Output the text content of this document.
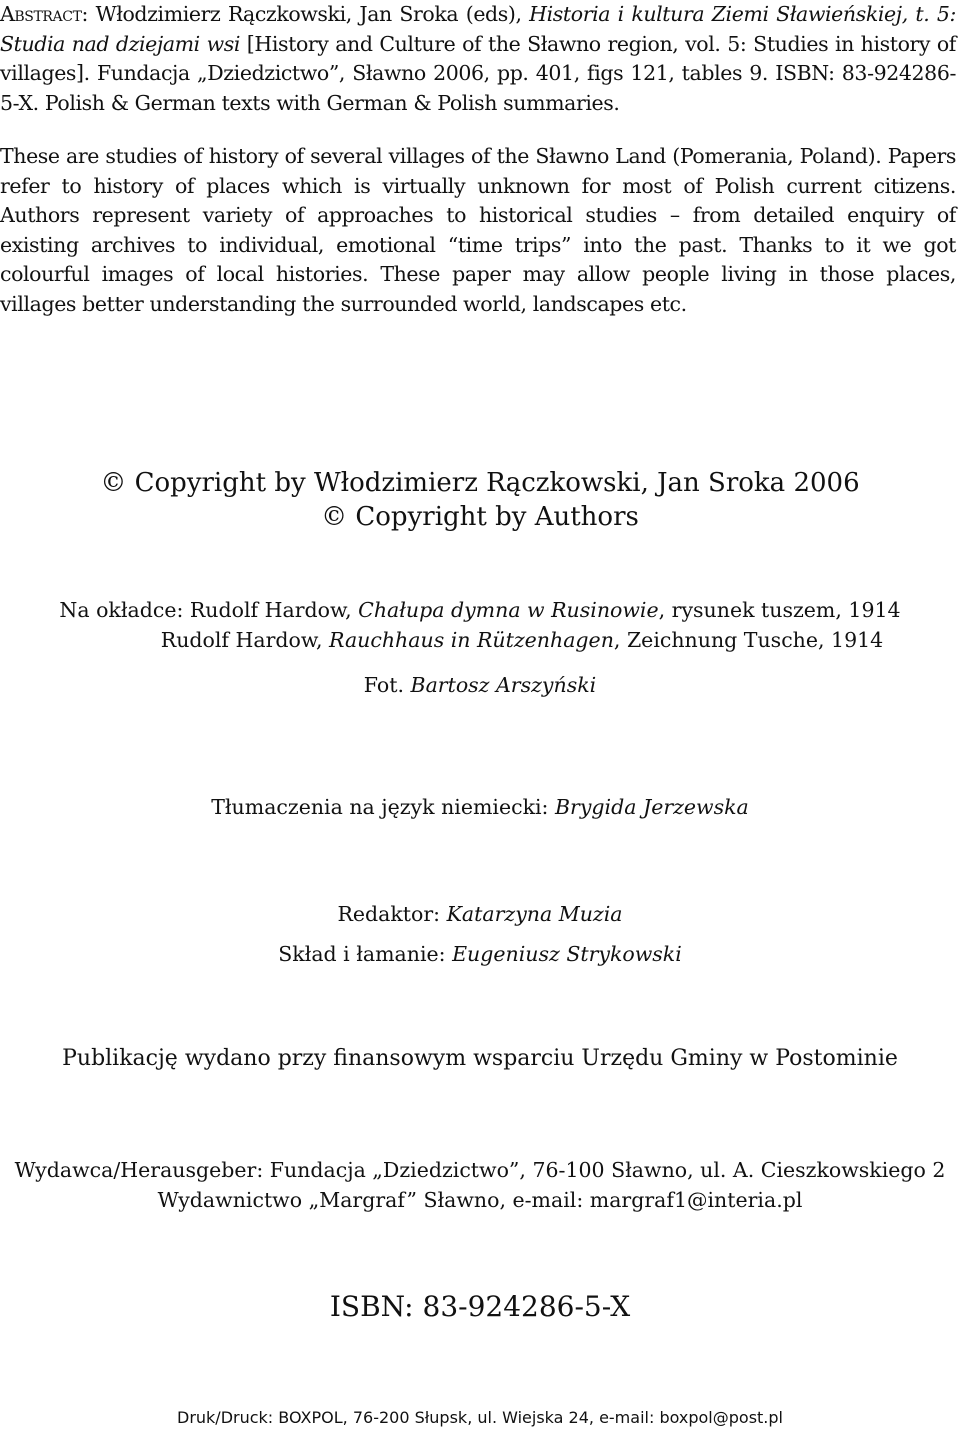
Abstract: Włodzimierz Rączkowski, Jan Sroka (eds), Historia i kultura Ziemi Sławieńskiej, t. 5: Studia nad dziejami wsi [History and Culture of the Sławno region, vol. 5: Studies in history of villages]. Fundacja „Dziedzictwo”, Sławno 2006, pp. 401, figs 121, tables 9. ISBN: 83-924286-5-X. Polish & German texts with German & Polish summaries.

These are studies of history of several villages of the Sławno Land (Pomerania, Poland). Papers refer to history of places which is virtually unknown for most of Polish current citizens. Authors represent variety of approaches to historical studies – from detailed enquiry of existing archives to individual, emotional “time trips” into the past. Thanks to it we got colourful images of local histories. These paper may allow people living in those places, villages better understanding the surrounded world, landscapes etc.

© Copyright by Włodzimierz Rączkowski, Jan Sroka 2006
© Copyright by Authors
Na okładce: Rudolf Hardow, Chałupa dymna w Rusinowie, rysunek tuszem, 1914
Rudolf Hardow, Rauchhaus in Rützenhagen, Zeichnung Tusche, 1914
Fot. Bartosz Arszyński
Tłumaczenia na język niemiecki: Brygida Jerzewska
Redaktor: Katarzyna Muzia
Skład i łamanie: Eugeniusz Strykowski
Publikację wydano przy finansowym wsparciu Urzędu Gminy w Postominie
Wydawca/Herausgeber: Fundacja „Dziedzictwo”, 76-100 Sławno, ul. A. Cieszkowskiego 2
Wydawnictwo „Margraf” Sławno, e-mail: margraf1@interia.pl
ISBN: 83-924286-5-X
Druk/Druck: BOXPOL, 76-200 Słupsk, ul. Wiejska 24, e-mail: boxpol@post.pl
